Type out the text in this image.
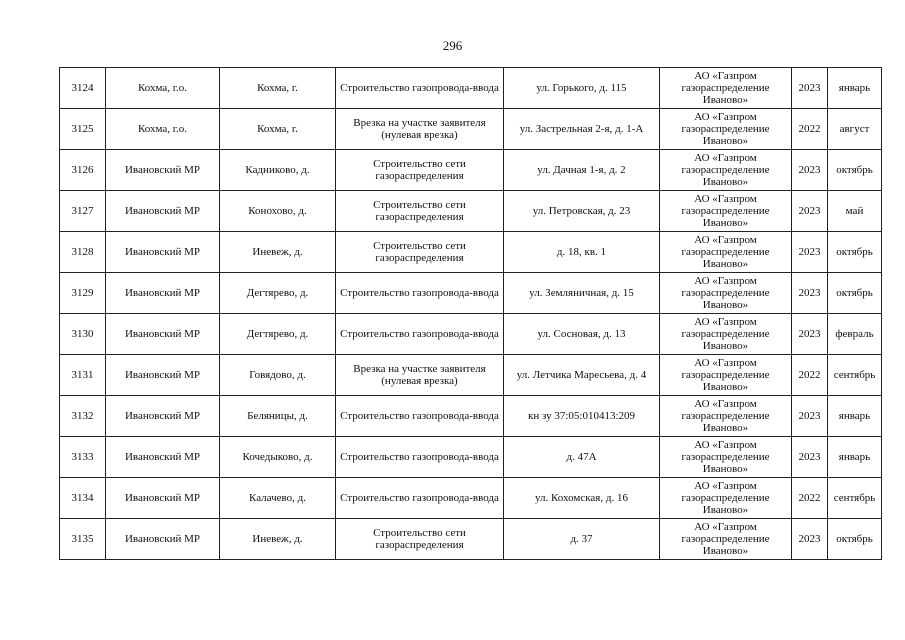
296
3124	Кохма, г.о.	Кохма, г.	Строительство газопровода-ввода	ул. Горького, д. 115	АО «Газпром газораспределение Иваново»	2023	январь
3125	Кохма, г.о.	Кохма, г.	Врезка на участке заявителя (нулевая врезка)	ул. Застрельная 2-я, д. 1-А	АО «Газпром газораспределение Иваново»	2022	август
3126	Ивановский МР	Кадниково, д.	Строительство сети газораспределения	ул. Дачная 1-я, д. 2	АО «Газпром газораспределение Иваново»	2023	октябрь
3127	Ивановский МР	Конохово, д.	Строительство сети газораспределения	ул. Петровская, д. 23	АО «Газпром газораспределение Иваново»	2023	май
3128	Ивановский МР	Иневеж, д.	Строительство сети газораспределения	д. 18, кв. 1	АО «Газпром газораспределение Иваново»	2023	октябрь
3129	Ивановский МР	Дегтярево, д.	Строительство газопровода-ввода	ул. Земляничная, д. 15	АО «Газпром газораспределение Иваново»	2023	октябрь
3130	Ивановский МР	Дегтярево, д.	Строительство газопровода-ввода	ул. Сосновая, д. 13	АО «Газпром газораспределение Иваново»	2023	февраль
3131	Ивановский МР	Говядово, д.	Врезка на участке заявителя (нулевая врезка)	ул. Летчика Маресьева, д. 4	АО «Газпром газораспределение Иваново»	2022	сентябрь
3132	Ивановский МР	Беляницы, д.	Строительство газопровода-ввода	кн зу 37:05:010413:209	АО «Газпром газораспределение Иваново»	2023	январь
3133	Ивановский МР	Кочедыково, д.	Строительство газопровода-ввода	д. 47А	АО «Газпром газораспределение Иваново»	2023	январь
3134	Ивановский МР	Калачево, д.	Строительство газопровода-ввода	ул. Кохомская, д. 16	АО «Газпром газораспределение Иваново»	2022	сентябрь
3135	Ивановский МР	Иневеж, д.	Строительство сети газораспределения	д. 37	АО «Газпром газораспределение Иваново»	2023	октябрь
